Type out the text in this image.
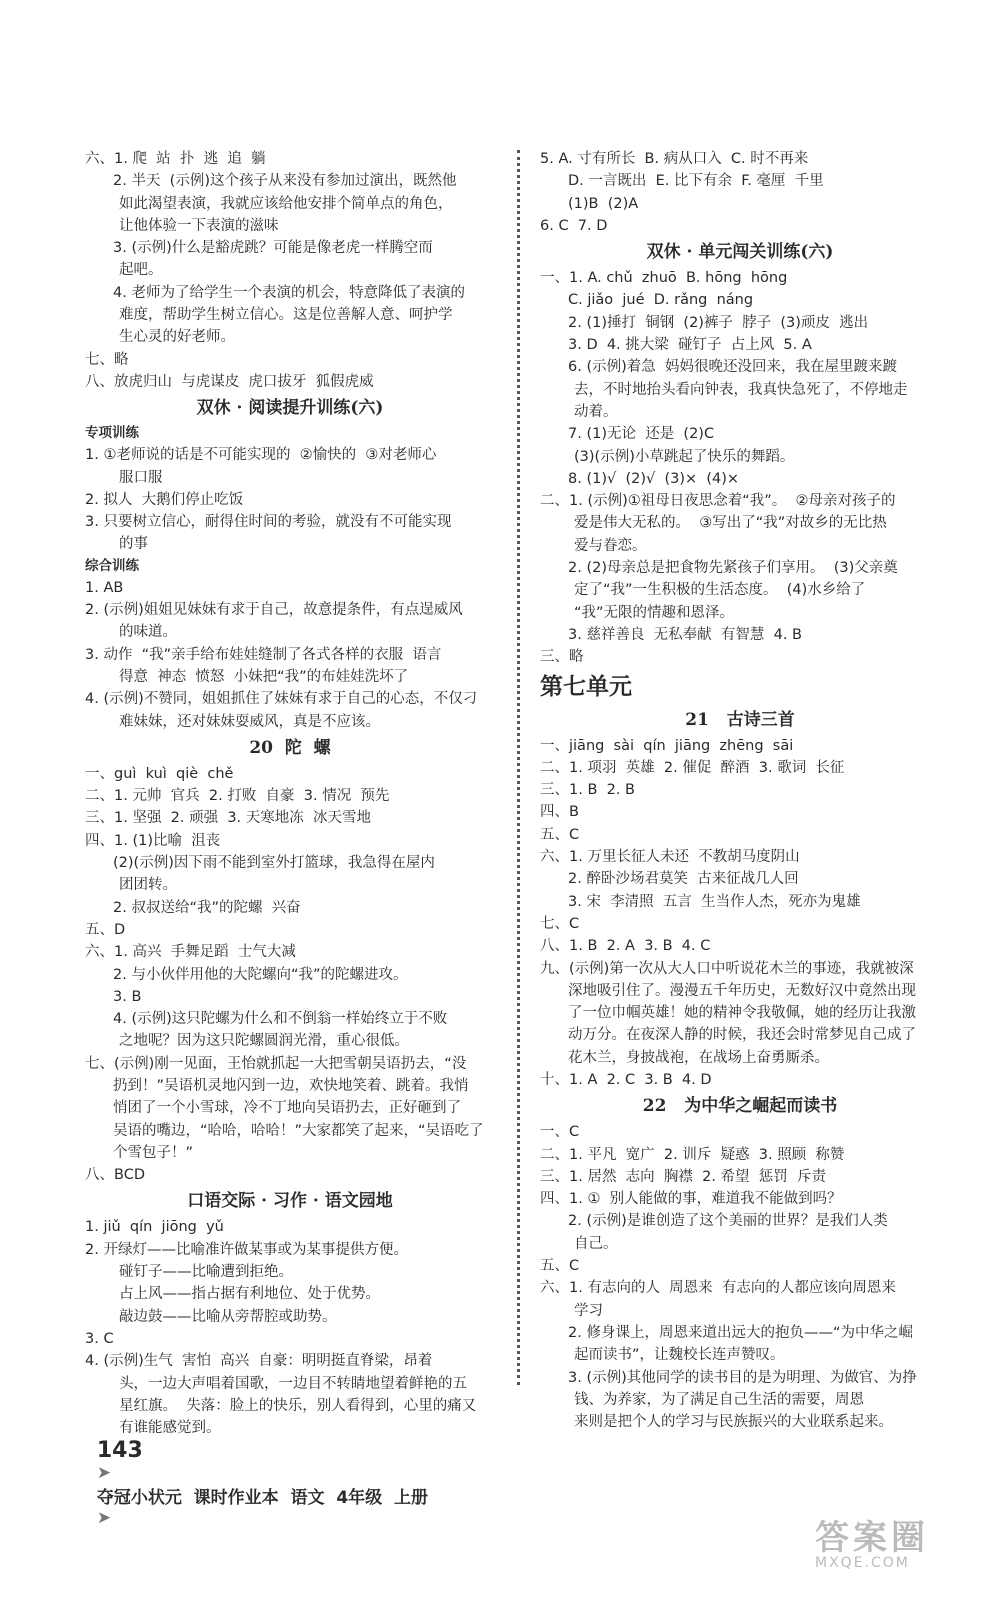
六、1. 爬  站  扑  逃  追  躺
2. 半天  (示例)这个孩子从来没有参加过演出，既然他
如此渴望表演，我就应该给他安排个简单点的角色，
让他体验一下表演的滋味
3. (示例)什么是豁虎跳？可能是像老虎一样腾空而
起吧。
4. 老师为了给学生一个表演的机会，特意降低了表演的
难度，帮助学生树立信心。这是位善解人意、呵护学
生心灵的好老师。
七、略
八、放虎归山  与虎谋皮  虎口拔牙  狐假虎威
双休 · 阅读提升训练(六)
专项训练
1. ①老师说的话是不可能实现的  ②愉快的  ③对老师心
服口服
2. 拟人  大鹅们停止吃饭
3. 只要树立信心，耐得住时间的考验，就没有不可能实现
的事
综合训练
1. AB
2. (示例)姐姐见妹妹有求于自己，故意提条件，有点逞威风
的味道。
3. 动作  “我”亲手给布娃娃缝制了各式各样的衣服  语言
得意  神态  愤怒  小妹把“我”的布娃娃洗坏了
4. (示例)不赞同，姐姐抓住了妹妹有求于自己的心态，不仅刁
难妹妹，还对妹妹耍威风，真是不应该。
20  陀  螺
一、guì  kuì  qiè  chě
二、1. 元帅  官兵  2. 打败  自豪  3. 情况  预先
三、1. 坚强  2. 顽强  3. 天寒地冻  冰天雪地
四、1. (1)比喻  沮丧
(2)(示例)因下雨不能到室外打篮球，我急得在屋内
团团转。
2. 叔叔送给“我”的陀螺  兴奋
五、D
六、1. 高兴  手舞足蹈  士气大减
2. 与小伙伴用他的大陀螺向“我”的陀螺进攻。
3. B
4. (示例)这只陀螺为什么和不倒翁一样始终立于不败
之地呢？因为这只陀螺圆润光滑，重心很低。
七、(示例)刚一见面，王怡就抓起一大把雪朝吴语扔去，“没
扔到！”吴语机灵地闪到一边，欢快地笑着、跳着。我悄
悄团了一个小雪球，冷不丁地向吴语扔去，正好砸到了
吴语的嘴边，“哈哈，哈哈！”大家都笑了起来，“吴语吃了
个雪包子！”
八、BCD
口语交际 · 习作 · 语文园地
1. jiǔ  qín  jiōng  yǔ
2. 开绿灯——比喻准许做某事或为某事提供方便。
碰钉子——比喻遭到拒绝。
占上风——指占据有利地位、处于优势。
敲边鼓——比喻从旁帮腔或助势。
3. C
4. (示例)生气  害怕  高兴  自豪：明明挺直脊梁，昂着
头，一边大声唱着国歌，一边目不转睛地望着鲜艳的五
星红旗。  失落：脸上的快乐，别人看得到，心里的痛又
有谁能感觉到。
5. A. 寸有所长  B. 病从口入  C. 时不再来
D. 一言既出  E. 比下有余  F. 毫厘  千里
(1)B  (2)A
6. C  7. D
双休 · 单元闯关训练(六)
一、1. A. chǔ  zhuō  B. hōng  hōng
C. jiǎo  jué  D. rǎng  náng
2. (1)捶打  铜钢  (2)裤子  脖子  (3)顽皮  逃出
3. D  4. 挑大梁  碰钉子  占上风  5. A
6. (示例)着急  妈妈很晚还没回来，我在屋里踱来踱
去，不时地抬头看向钟表，我真快急死了，不停地走
动着。
7. (1)无论  还是  (2)C
(3)(示例)小草跳起了快乐的舞蹈。
8. (1)√  (2)√  (3)×  (4)×
二、1. (示例)①祖母日夜思念着“我”。  ②母亲对孩子的
爱是伟大无私的。  ③写出了“我”对故乡的无比热
爱与眷恋。
2. (2)母亲总是把食物先紧孩子们享用。  (3)父亲奠
定了“我”一生积极的生活态度。  (4)水乡给了
“我”无限的情趣和恩泽。
3. 慈祥善良  无私奉献  有智慧  4. B
三、略
第七单元
21   古诗三首
一、jiāng  sài  qín  jiāng  zhēng  sāi
二、1. 项羽  英雄  2. 催促  醉酒  3. 歌词  长征
三、1. B  2. B
四、B
五、C
六、1. 万里长征人未还  不教胡马度阴山
2. 醉卧沙场君莫笑  古来征战几人回
3. 宋  李清照  五言  生当作人杰，死亦为鬼雄
七、C
八、1. B  2. A  3. B  4. C
九、(示例)第一次从大人口中听说花木兰的事迹，我就被深
深地吸引住了。漫漫五千年历史，无数好汉中竟然出现
了一位巾帼英雄！她的精神令我敬佩，她的经历让我激
动万分。在夜深人静的时候，我还会时常梦见自己成了
花木兰，身披战袍，在战场上奋勇厮杀。
十、1. A  2. C  3. B  4. D
22   为中华之崛起而读书
一、C
二、1. 平凡  宽广  2. 训斥  疑惑  3. 照顾  称赞
三、1. 居然  志向  胸襟  2. 希望  惩罚  斥责
四、1. ①  别人能做的事，难道我不能做到吗？
2. (示例)是谁创造了这个美丽的世界？是我们人类
自己。
五、C
六、1. 有志向的人  周恩来  有志向的人都应该向周恩来
学习
2. 修身课上，周恩来道出远大的抱负——“为中华之崛
起而读书”，让魏校长连声赞叹。
3. (示例)其他同学的读书目的是为明理、为做官、为挣
钱、为养家，为了满足自己生活的需要，周恩
来则是把个人的学习与民族振兴的大业联系起来。

143
➤
夺冠小状元  课时作业本  语文  4年级  上册
➤	答案圈
MXQE.COM
